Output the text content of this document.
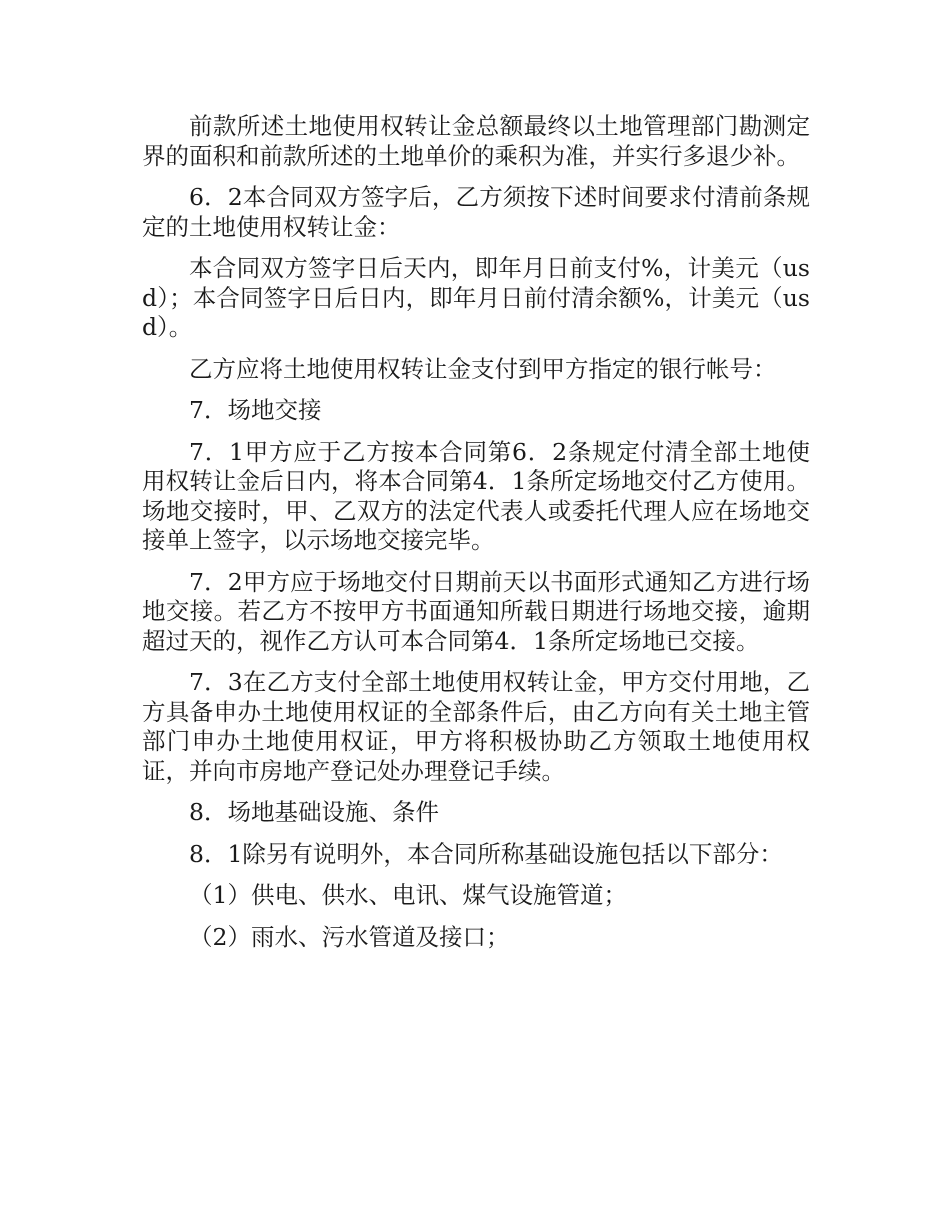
前款所述土地使用权转让金总额最终以土地管理部门勘测定界的面积和前款所述的土地单价的乘积为准，并实行多退少补。

6．2本合同双方签字后，乙方须按下述时间要求付清前条规定的土地使用权转让金：

本合同双方签字日后天内，即年月日前支付%，计美元（usd）；本合同签字日后日内，即年月日前付清余额%，计美元（usd）。

乙方应将土地使用权转让金支付到甲方指定的银行帐号：

7．场地交接

7．1甲方应于乙方按本合同第6．2条规定付清全部土地使用权转让金后日内，将本合同第4．1条所定场地交付乙方使用。场地交接时，甲、乙双方的法定代表人或委托代理人应在场地交接单上签字，以示场地交接完毕。

7．2甲方应于场地交付日期前天以书面形式通知乙方进行场地交接。若乙方不按甲方书面通知所载日期进行场地交接，逾期超过天的，视作乙方认可本合同第4．1条所定场地已交接。

7．3在乙方支付全部土地使用权转让金，甲方交付用地，乙方具备申办土地使用权证的全部条件后，由乙方向有关土地主管部门申办土地使用权证，甲方将积极协助乙方领取土地使用权证，并向市房地产登记处办理登记手续。

8．场地基础设施、条件

8．1除另有说明外，本合同所称基础设施包括以下部分：

（1）供电、供水、电讯、煤气设施管道；

（2）雨水、污水管道及接口；
